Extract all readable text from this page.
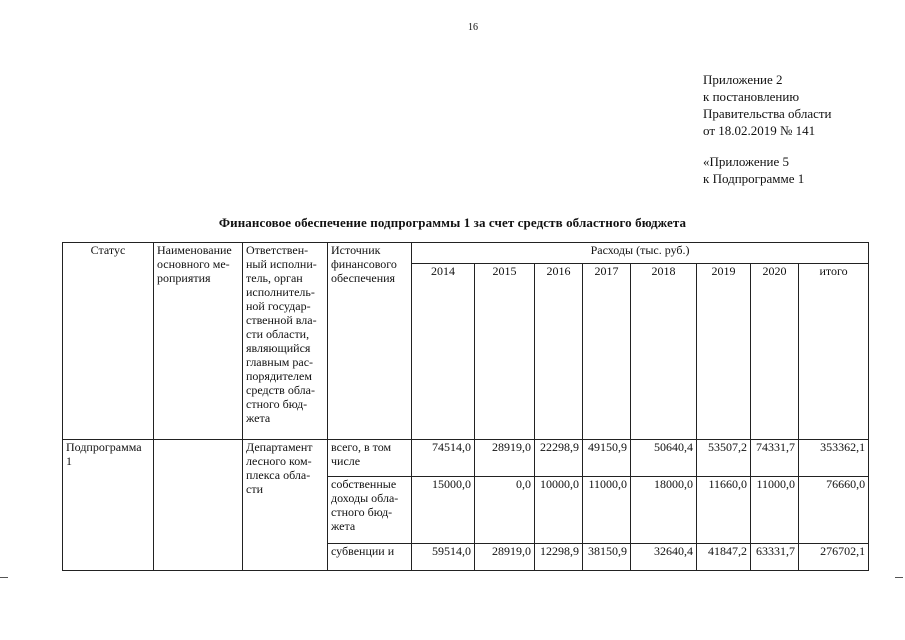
16
Приложение 2
к постановлению
Правительства области
от 18.02.2019 № 141
«Приложение 5
к Подпрограмме 1
Финансовое обеспечение подпрограммы 1 за счет средств областного бюджета
Статус	Наименование основного ме-роприятия	Ответствен-ный исполни-тель, орган исполнитель-ной государ-ственной вла-сти области, являющийся главным рас-порядителем средств обла-стного бюд-жета	Источник финансового обеспечения	Расходы (тыс. руб.)							
				2014	2015	2016	2017	2018	2019	2020	итого
Подпрограмма 1		Департамент лесного ком-плекса обла-сти	всего, в том числе	74514,0	28919,0	22298,9	49150,9	50640,4	53507,2	74331,7	353362,1
			собственные доходы обла-стного бюд-жета	15000,0	0,0	10000,0	11000,0	18000,0	11660,0	11000,0	76660,0
			субвенции и	59514,0	28919,0	12298,9	38150,9	32640,4	41847,2	63331,7	276702,1
